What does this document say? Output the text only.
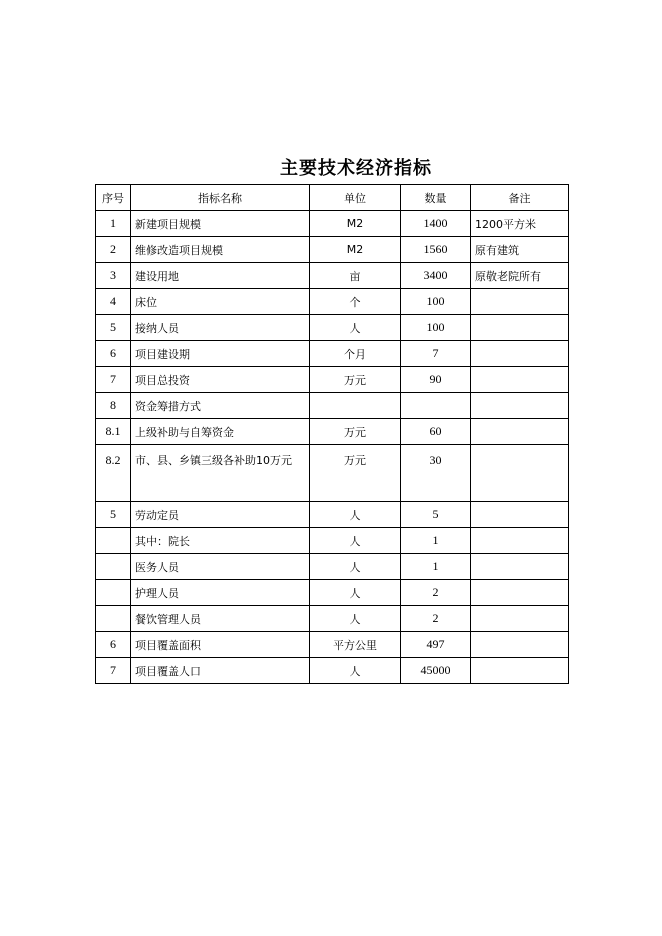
主要技术经济指标
序号	指标名称	单位	数量	备注
1	新建项目规模	M2	1400	1200平方米
2	维修改造项目规模	M2	1560	原有建筑
3	建设用地	亩	3400	原敬老院所有
4	床位	个	100	
5	接纳人员	人	100	
6	项目建设期	个月	7	
7	项目总投资	万元	90	
8	资金筹措方式			
8.1	上级补助与自筹资金	万元	60	
8.2	市、县、乡镇三级各补助10万元	万元	30	
5	劳动定员	人	5	
	其中：院长	人	1	
	医务人员	人	1	
	护理人员	人	2	
	餐饮管理人员	人	2	
6	项目覆盖面积	平方公里	497	
7	项目覆盖人口	人	45000	
